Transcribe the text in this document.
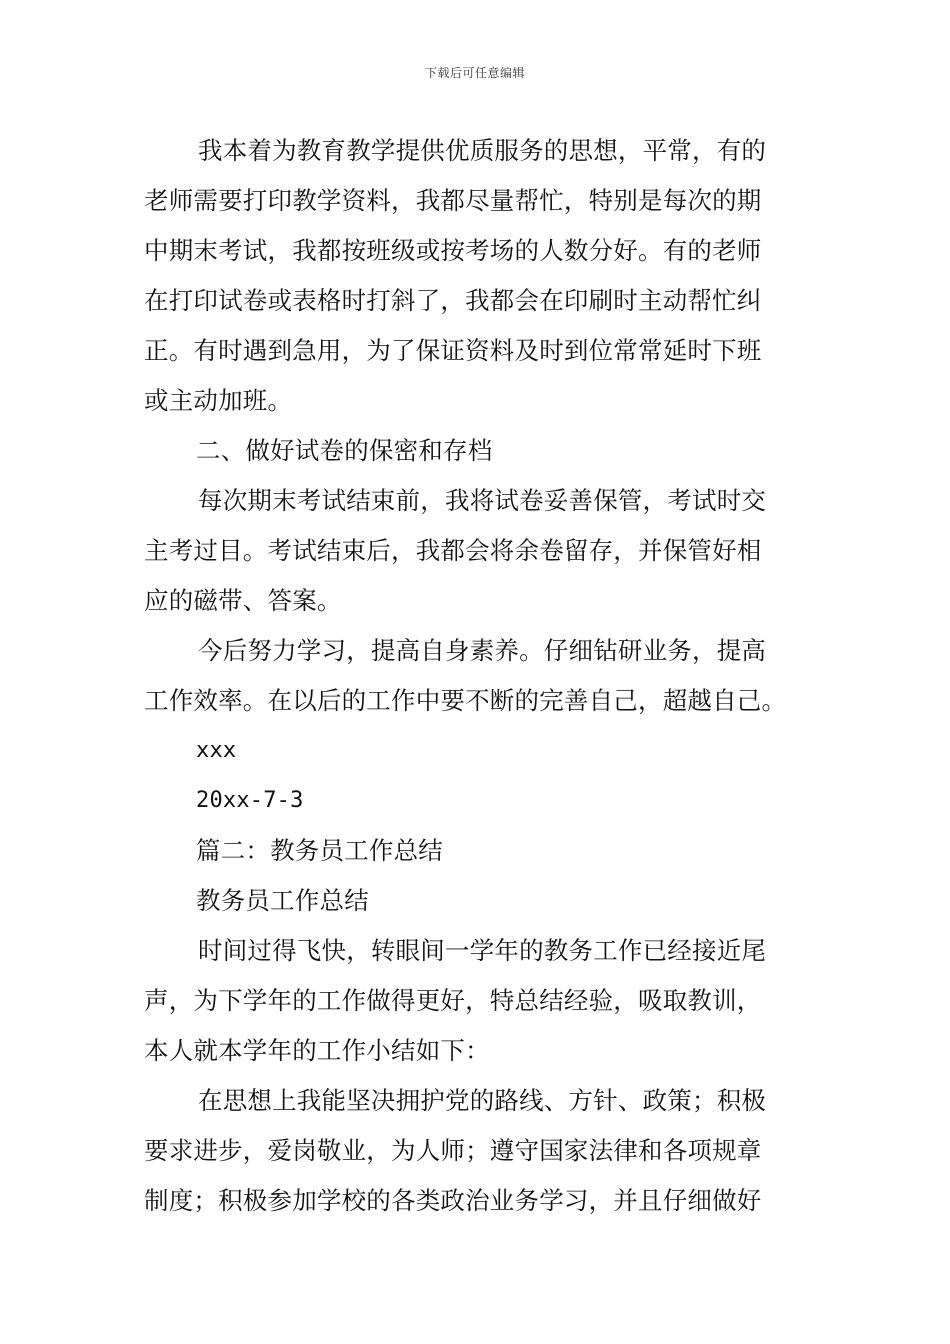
下载后可任意编辑
我本着为教育教学提供优质服务的思想，平常，有的
老师需要打印教学资料，我都尽量帮忙，特别是每次的期
中期末考试，我都按班级或按考场的人数分好。有的老师
在打印试卷或表格时打斜了，我都会在印刷时主动帮忙纠
正。有时遇到急用，为了保证资料及时到位常常延时下班
或主动加班。
二、做好试卷的保密和存档
每次期末考试结束前，我将试卷妥善保管，考试时交
主考过目。考试结束后，我都会将余卷留存，并保管好相
应的磁带、答案。
今后努力学习，提高自身素养。仔细钻研业务，提高
工作效率。在以后的工作中要不断的完善自己，超越自己。
xxx
20xx-7-3
篇二：教务员工作总结
教务员工作总结
时间过得飞快，转眼间一学年的教务工作已经接近尾
声，为下学年的工作做得更好，特总结经验，吸取教训，
本人就本学年的工作小结如下：
在思想上我能坚决拥护党的路线、方针、政策；积极
要求进步，爱岗敬业，为人师；遵守国家法律和各项规章
制度；积极参加学校的各类政治业务学习，并且仔细做好
